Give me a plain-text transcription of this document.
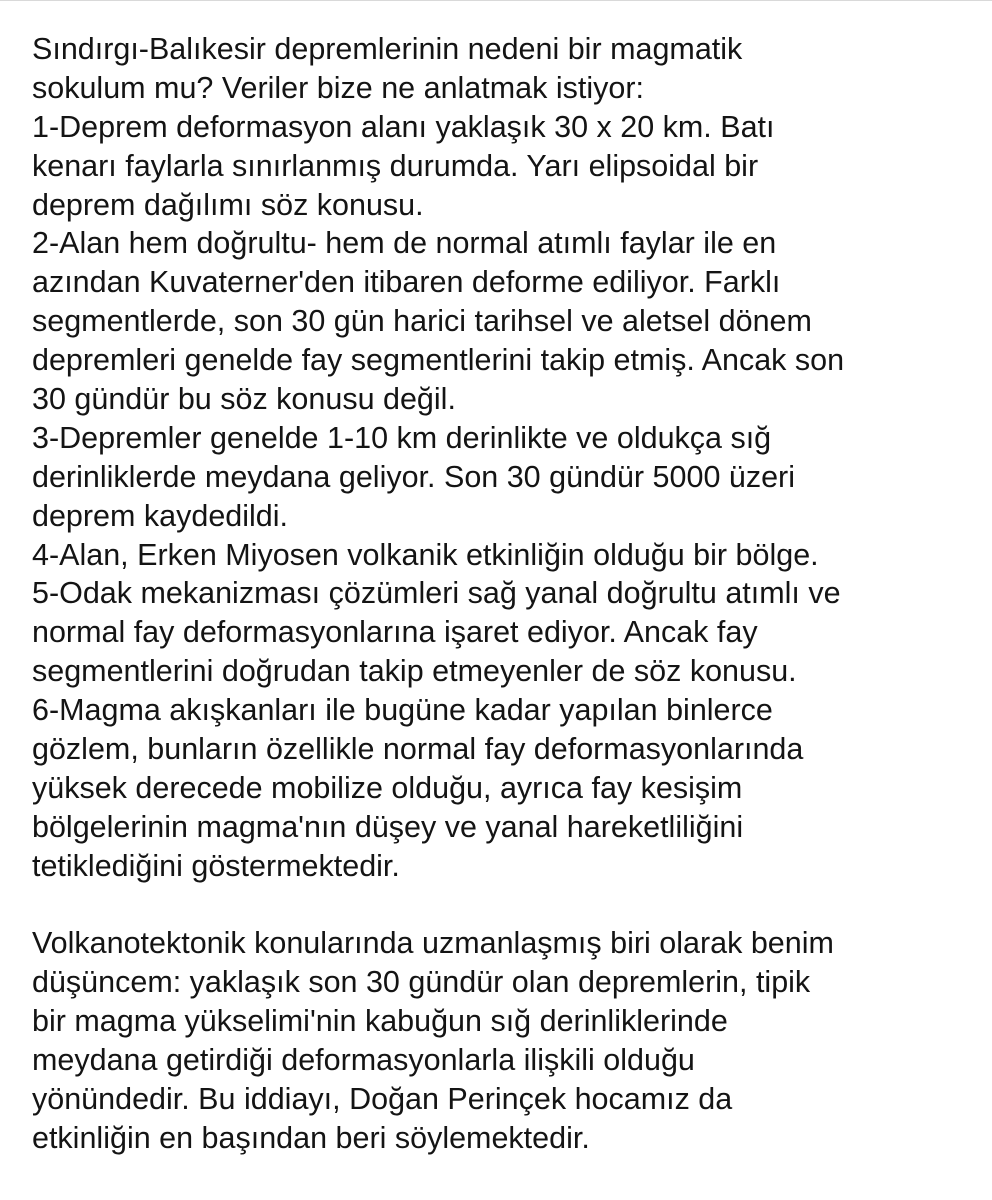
Sındırgı-Balıkesir depremlerinin nedeni bir magmatik
sokulum mu? Veriler bize ne anlatmak istiyor:
1-Deprem deformasyon alanı yaklaşık 30 x 20 km. Batı
kenarı faylarla sınırlanmış durumda. Yarı elipsoidal bir
deprem dağılımı söz konusu.
2-Alan hem doğrultu- hem de normal atımlı faylar ile en
azından Kuvaterner'den itibaren deforme ediliyor. Farklı
segmentlerde, son 30 gün harici tarihsel ve aletsel dönem
depremleri genelde fay segmentlerini takip etmiş. Ancak son
30 gündür bu söz konusu değil.
3-Depremler genelde 1-10 km derinlikte ve oldukça sığ
derinliklerde meydana geliyor. Son 30 gündür 5000 üzeri
deprem kaydedildi.
4-Alan, Erken Miyosen volkanik etkinliğin olduğu bir bölge.
5-Odak mekanizması çözümleri sağ yanal doğrultu atımlı ve
normal fay deformasyonlarına işaret ediyor. Ancak fay
segmentlerini doğrudan takip etmeyenler de söz konusu.
6-Magma akışkanları ile bugüne kadar yapılan binlerce
gözlem, bunların özellikle normal fay deformasyonlarında
yüksek derecede mobilize olduğu, ayrıca fay kesişim
bölgelerinin magma'nın düşey ve yanal hareketliliğini
tetiklediğini göstermektedir.
Volkanotektonik konularında uzmanlaşmış biri olarak benim
düşüncem: yaklaşık son 30 gündür olan depremlerin, tipik
bir magma yükselimi'nin kabuğun sığ derinliklerinde
meydana getirdiği deformasyonlarla ilişkili olduğu
yönündedir. Bu iddiayı, Doğan Perinçek hocamız da
etkinliğin en başından beri söylemektedir.
